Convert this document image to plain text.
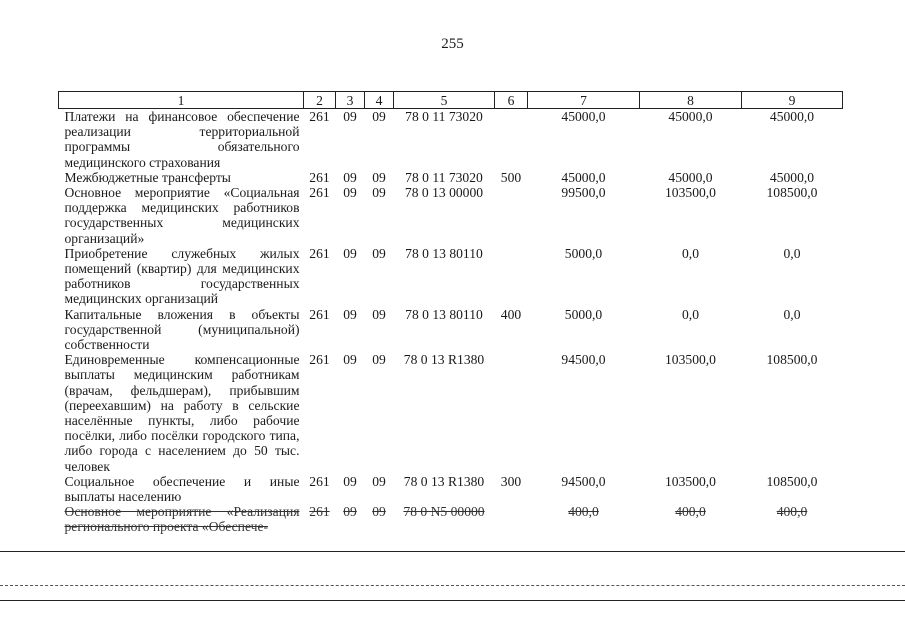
255
1	2	3	4	5	6	7	8	9
Платежи на финансовое обеспечение реализации территориальной программы обязательного медицинского страхования	261	09	09	78 0 11 73020		45000,0	45000,0	45000,0
Межбюджетные трансферты	261	09	09	78 0 11 73020	500	45000,0	45000,0	45000,0
Основное мероприятие «Социальная поддержка медицинских работников государственных медицинских организаций»	261	09	09	78 0 13 00000		99500,0	103500,0	108500,0
Приобретение служебных жилых помещений (квартир) для медицинских работников государственных медицинских организаций	261	09	09	78 0 13 80110		5000,0	0,0	0,0
Капитальные вложения в объекты государственной (муниципальной) собственности	261	09	09	78 0 13 80110	400	5000,0	0,0	0,0
Единовременные компенсационные выплаты медицинским работникам (врачам, фельдшерам), прибывшим (переехавшим) на работу в сельские населённые пункты, либо рабочие посёлки, либо посёлки городского типа, либо города с населением до 50 тыс. человек	261	09	09	78 0 13 R1380		94500,0	103500,0	108500,0
Социальное обеспечение и иные выплаты населению	261	09	09	78 0 13 R1380	300	94500,0	103500,0	108500,0
Основное мероприятие «Реализация регионального проекта «Обеспече-	261	09	09	78 0 N5 00000		400,0	400,0	400,0
